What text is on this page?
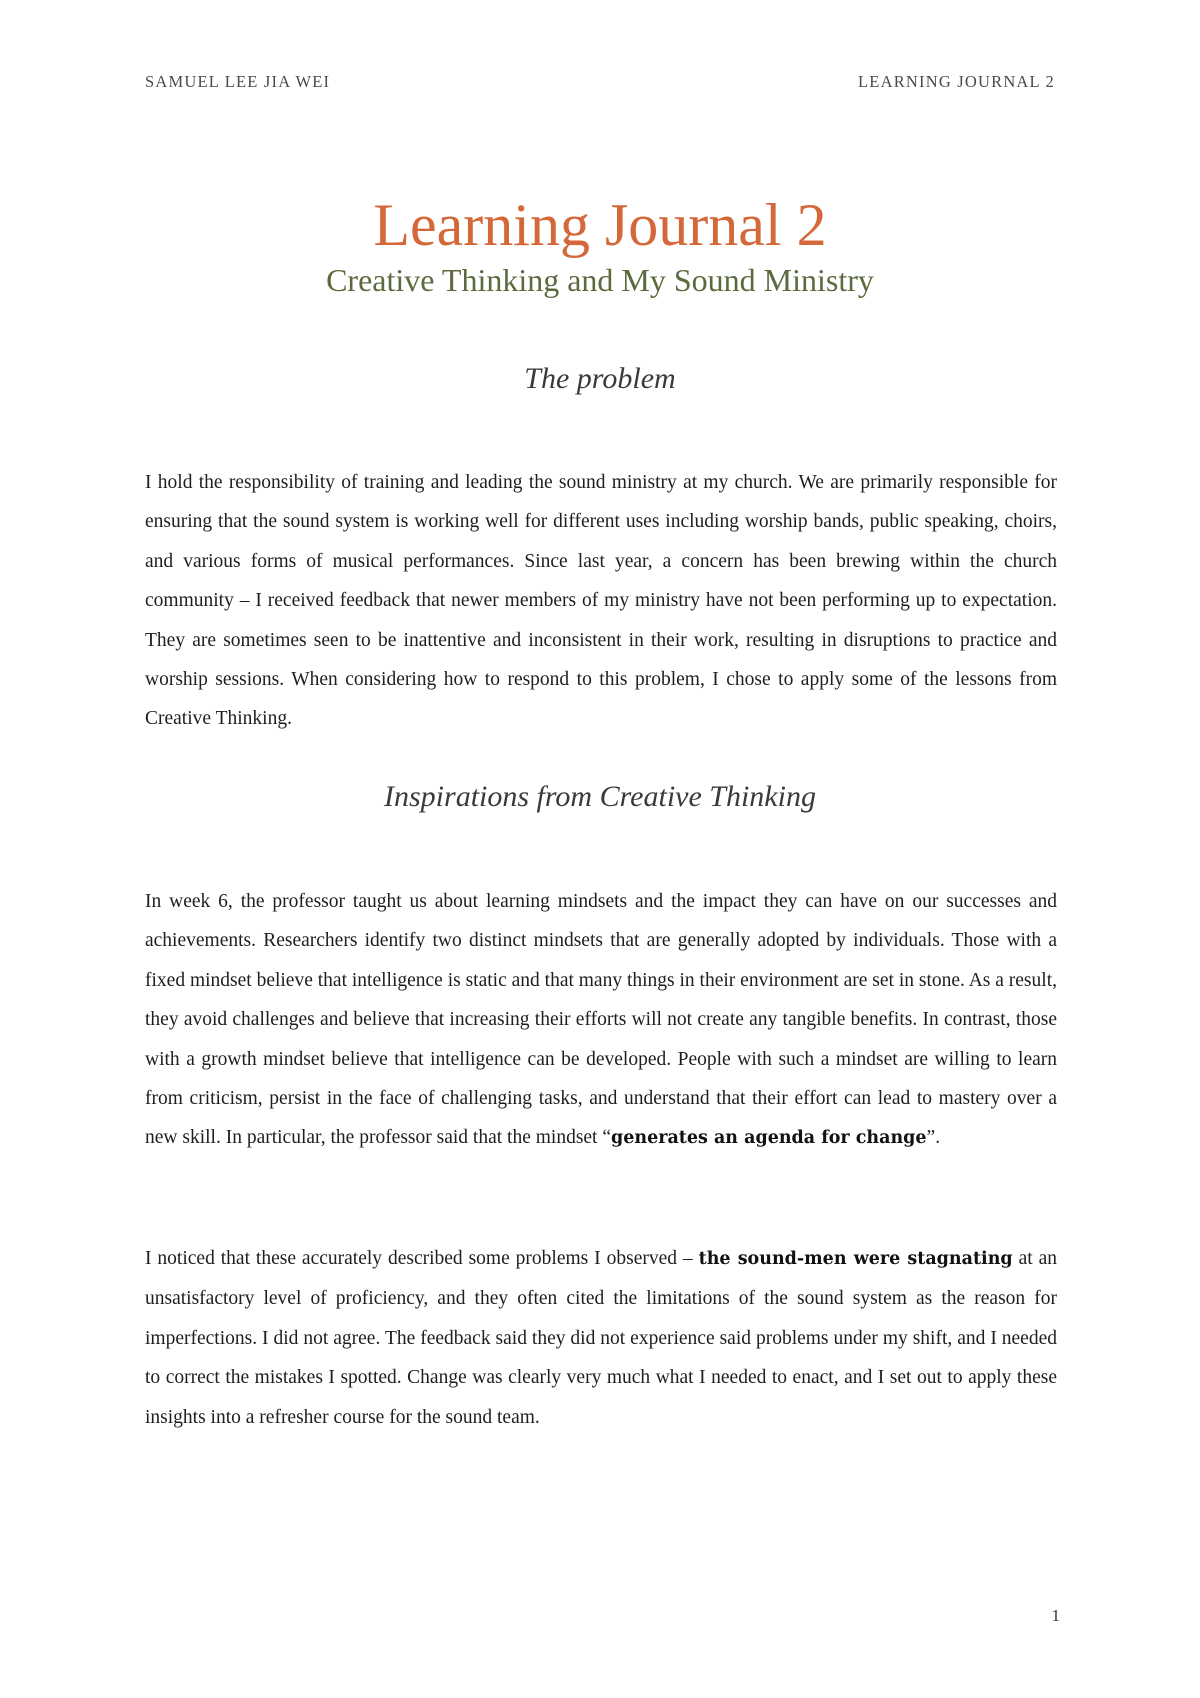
SAMUEL LEE JIA WEI	LEARNING JOURNAL 2
Learning Journal 2
Creative Thinking and My Sound Ministry
The problem

I hold the responsibility of training and leading the sound ministry at my church. We are primarily responsible for ensuring that the sound system is working well for different uses including worship bands, public speaking, choirs, and various forms of musical performances. Since last year, a concern has been brewing within the church community – I received feedback that newer members of my ministry have not been performing up to expectation. They are sometimes seen to be inattentive and inconsistent in their work, resulting in disruptions to practice and worship sessions. When considering how to respond to this problem, I chose to apply some of the lessons from Creative Thinking.

Inspirations from Creative Thinking

In week 6, the professor taught us about learning mindsets and the impact they can have on our successes and achievements. Researchers identify two distinct mindsets that are generally adopted by individuals. Those with a fixed mindset believe that intelligence is static and that many things in their environment are set in stone. As a result, they avoid challenges and believe that increasing their efforts will not create any tangible benefits. In contrast, those with a growth mindset believe that intelligence can be developed. People with such a mindset are willing to learn from criticism, persist in the face of challenging tasks, and understand that their effort can lead to mastery over a new skill. In particular, the professor said that the mindset “generates an agenda for change”.

I noticed that these accurately described some problems I observed – the sound-men were stagnating at an unsatisfactory level of proficiency, and they often cited the limitations of the sound system as the reason for imperfections. I did not agree. The feedback said they did not experience said problems under my shift, and I needed to correct the mistakes I spotted. Change was clearly very much what I needed to enact, and I set out to apply these insights into a refresher course for the sound team.

1
